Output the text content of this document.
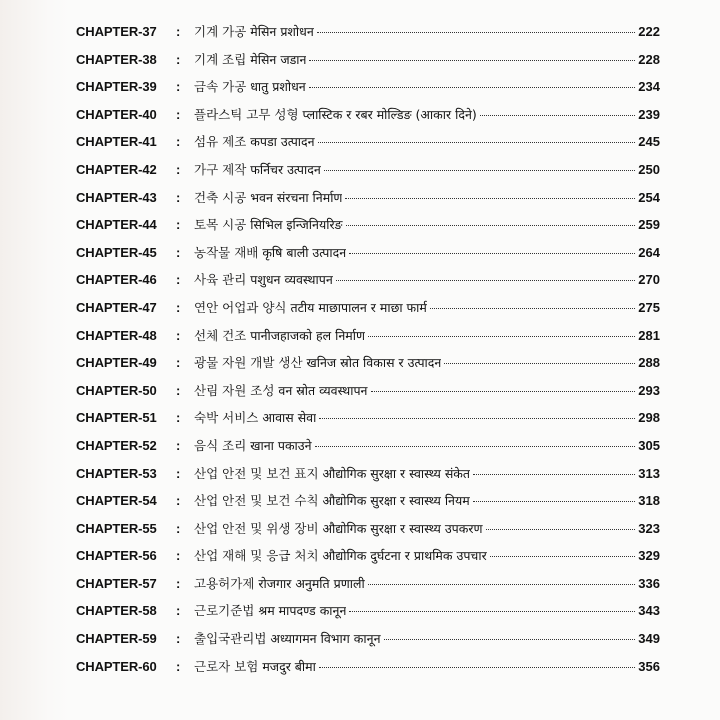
CHAPTER-37	:	기계 가공 मेसिन प्रशोधन	222
CHAPTER-38	:	기계 조립 मेसिन जडान	228
CHAPTER-39	:	금속 가공 धातु प्रशोधन	234
CHAPTER-40	:	플라스틱 고무 성형 प्लास्टिक र रबर मोल्डिङ (आकार दिने)	239
CHAPTER-41	:	섬유 제조 कपडा उत्पादन	245
CHAPTER-42	:	가구 제작 फर्निचर उत्पादन	250
CHAPTER-43	:	건축 시공 भवन संरचना निर्माण	254
CHAPTER-44	:	토목 시공 सिभिल इन्जिनियरिङ	259
CHAPTER-45	:	농작물 재배 कृषि बाली उत्पादन	264
CHAPTER-46	:	사육 관리 पशुधन व्यवस्थापन	270
CHAPTER-47	:	연안 어업과 양식 तटीय माछापालन र माछा फार्म	275
CHAPTER-48	:	선체 건조 पानीजहाजको हल निर्माण	281
CHAPTER-49	:	광물 자원 개발 생산 खनिज स्रोत विकास र उत्पादन	288
CHAPTER-50	:	산림 자원 조성 वन स्रोत व्यवस्थापन	293
CHAPTER-51	:	숙박 서비스 आवास सेवा	298
CHAPTER-52	:	음식 조리 खाना पकाउने	305
CHAPTER-53	:	산업 안전 및 보건 표지 औद्योगिक सुरक्षा र स्वास्थ्य संकेत	313
CHAPTER-54	:	산업 안전 및 보건 수칙 औद्योगिक सुरक्षा र स्वास्थ्य नियम	318
CHAPTER-55	:	산업 안전 및 위생 장비 औद्योगिक सुरक्षा र स्वास्थ्य उपकरण	323
CHAPTER-56	:	산업 재해 및 응급 처치 औद्योगिक दुर्घटना र प्राथमिक उपचार	329
CHAPTER-57	:	고용허가제 रोजगार अनुमति प्रणाली	336
CHAPTER-58	:	근로기준법 श्रम मापदण्ड कानून	343
CHAPTER-59	:	출입국관리법 अध्यागमन विभाग कानून	349
CHAPTER-60	:	근로자 보험 मजदुर बीमा	356
